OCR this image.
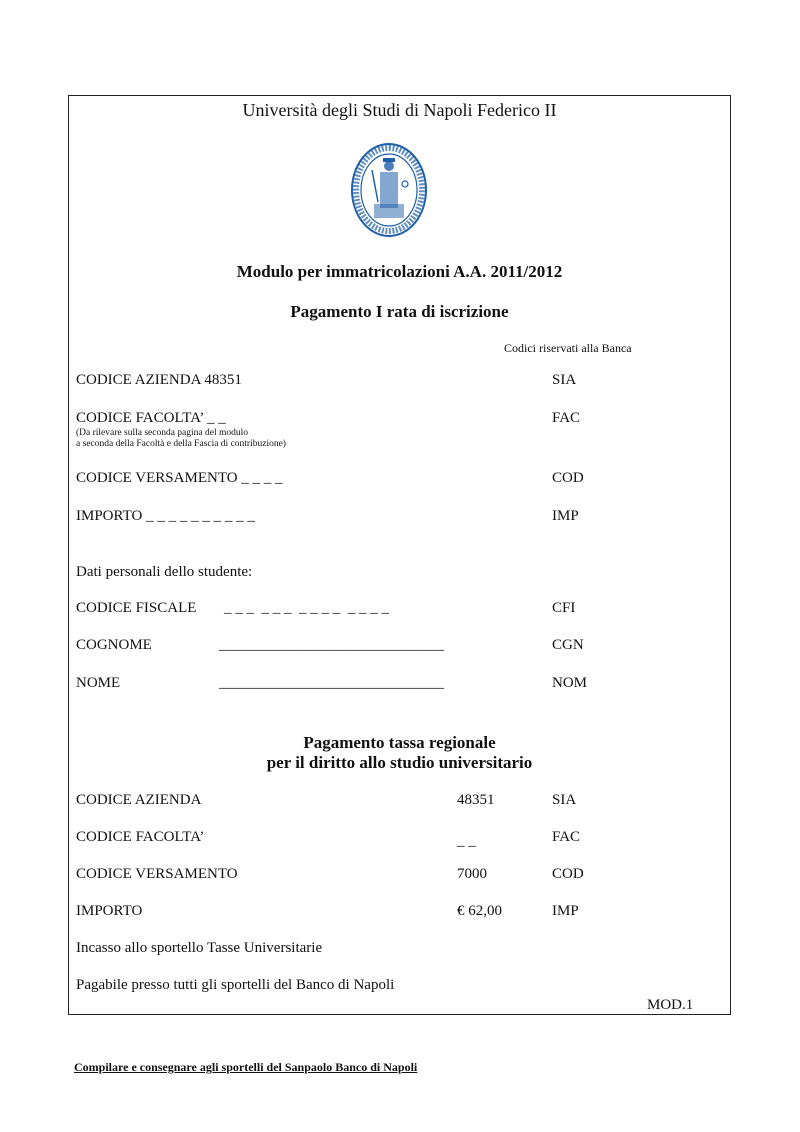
Università degli Studi di Napoli Federico II
Modulo per immatricolazioni A.A. 2011/2012
Pagamento I rata di iscrizione
Codici riservati alla Banca
CODICE AZIENDA 48351	SIA
CODICE FACOLTA’ _ _	FAC
(Da rilevare sulla seconda pagina del modulo
a seconda della Facoltà e della Fascia di contribuzione)
CODICE VERSAMENTO _ _ _ _	COD
IMPORTO _ _ _ _ _ _ _ _ _ _	IMP
Dati personali dello studente:
CODICE FISCALE _ _ _  _ _ _  _ _ _ _  _ _ _ _	CFI
COGNOME	______________________________	CGN
NOME	______________________________	NOM
Pagamento tassa regionale
per il diritto allo studio universitario
CODICE AZIENDA	48351	SIA
CODICE FACOLTA’	_ _	FAC
CODICE VERSAMENTO	7000	COD
IMPORTO	€ 62,00	IMP
Incasso allo sportello Tasse Universitarie
Pagabile presso tutti gli sportelli del Banco di Napoli
MOD.1
Compilare e consegnare agli sportelli del Sanpaolo Banco di Napoli
